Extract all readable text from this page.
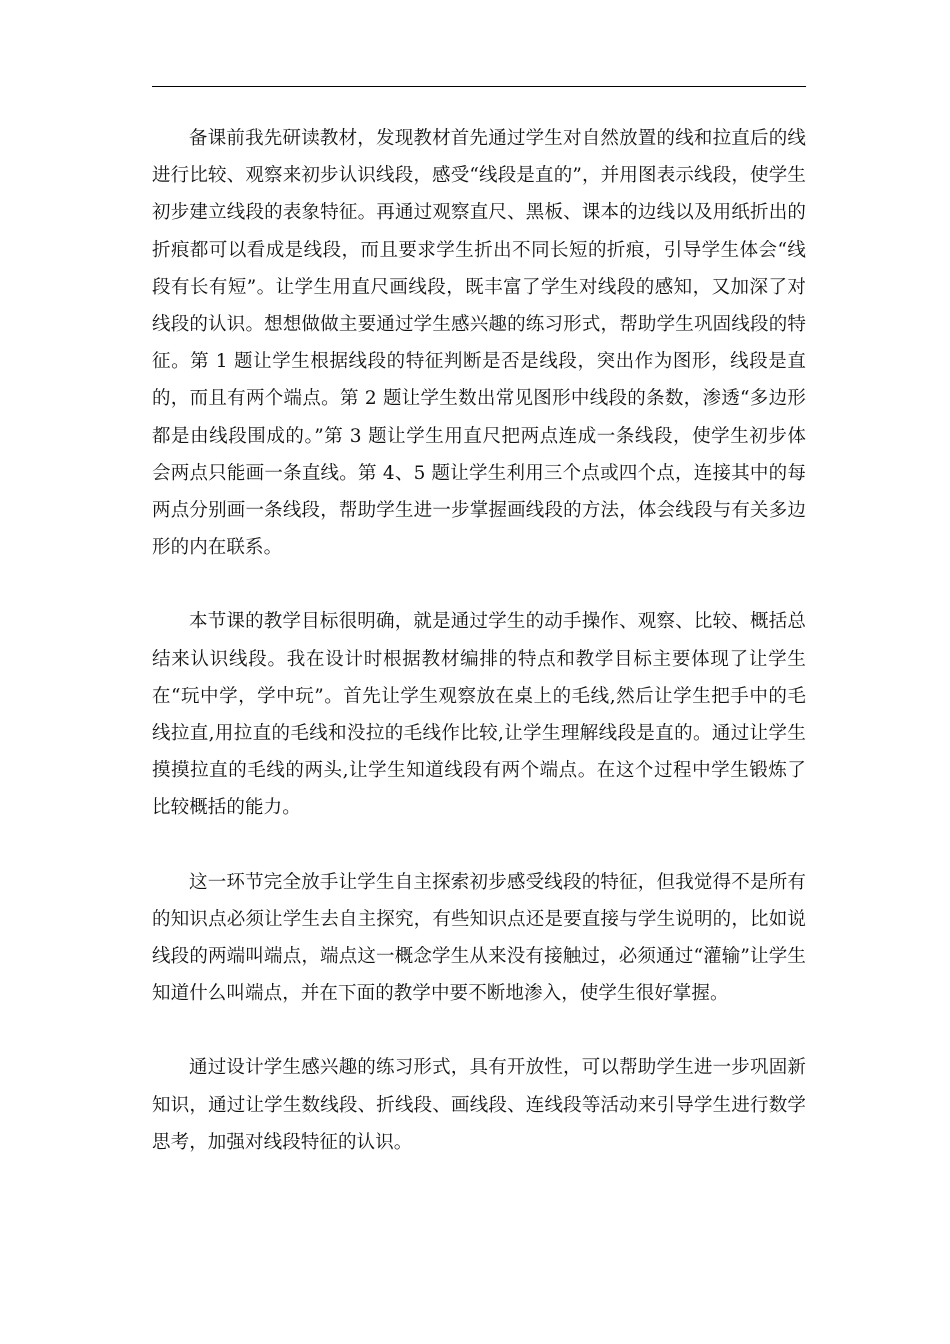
备课前我先研读教材，发现教材首先通过学生对自然放置的线和拉直后的线进行比较、观察来初步认识线段，感受“线段是直的”，并用图表示线段，使学生初步建立线段的表象特征。再通过观察直尺、黑板、课本的边线以及用纸折出的折痕都可以看成是线段，而且要求学生折出不同长短的折痕，引导学生体会“线段有长有短”。让学生用直尺画线段，既丰富了学生对线段的感知，又加深了对线段的认识。想想做做主要通过学生感兴趣的练习形式，帮助学生巩固线段的特征。第 1 题让学生根据线段的特征判断是否是线段，突出作为图形，线段是直的，而且有两个端点。第 2 题让学生数出常见图形中线段的条数，渗透“多边形都是由线段围成的。”第 3 题让学生用直尺把两点连成一条线段，使学生初步体会两点只能画一条直线。第 4、5 题让学生利用三个点或四个点，连接其中的每两点分别画一条线段，帮助学生进一步掌握画线段的方法，体会线段与有关多边形的内在联系。

本节课的教学目标很明确，就是通过学生的动手操作、观察、比较、概括总结来认识线段。我在设计时根据教材编排的特点和教学目标主要体现了让学生在“玩中学，学中玩”。首先让学生观察放在桌上的毛线,然后让学生把手中的毛线拉直,用拉直的毛线和没拉的毛线作比较,让学生理解线段是直的。通过让学生摸摸拉直的毛线的两头,让学生知道线段有两个端点。在这个过程中学生锻炼了比较概括的能力。

这一环节完全放手让学生自主探索初步感受线段的特征，但我觉得不是所有的知识点必须让学生去自主探究，有些知识点还是要直接与学生说明的，比如说线段的两端叫端点，端点这一概念学生从来没有接触过，必须通过“灌输”让学生知道什么叫端点，并在下面的教学中要不断地渗入，使学生很好掌握。

通过设计学生感兴趣的练习形式，具有开放性，可以帮助学生进一步巩固新知识，通过让学生数线段、折线段、画线段、连线段等活动来引导学生进行数学思考，加强对线段特征的认识。
